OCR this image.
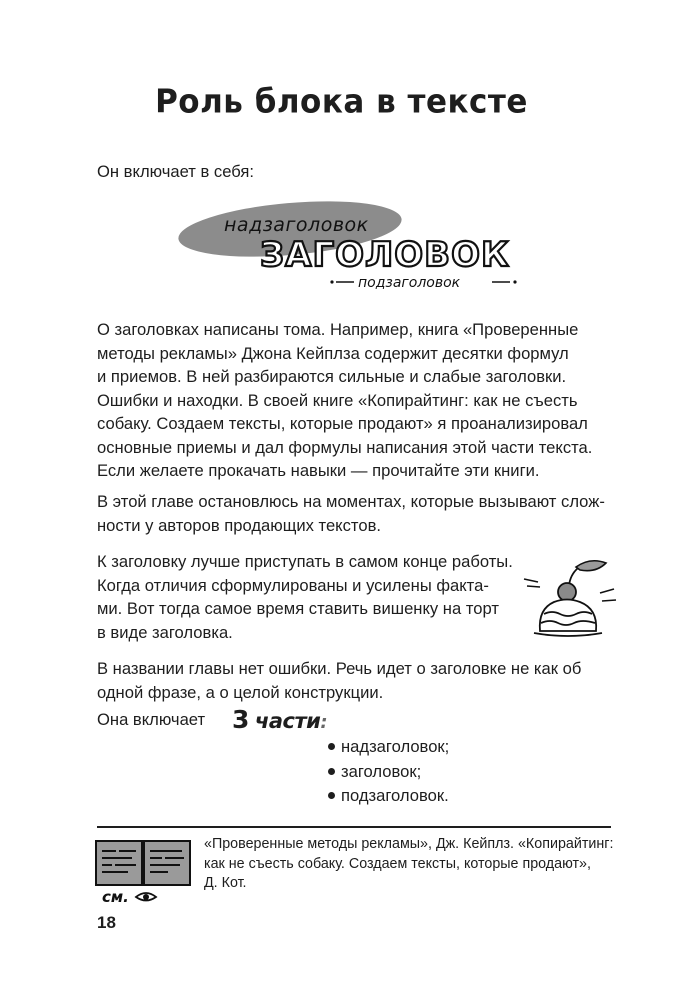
Роль блока в тексте
Он включает в себя:
надзаголовок
ЗАГОЛОВОК
подзаголовок
О заголовках написаны тома. Например, книга «Проверенные
методы рекламы» Джона Кейплза содержит десятки формул
и приемов. В ней разбираются сильные и слабые заголовки.
Ошибки и находки. В своей книге «Копирайтинг: как не съесть
собаку. Создаем тексты, которые продают» я проанализировал
основные приемы и дал формулы написания этой части текста.
Если желаете прокачать навыки — прочитайте эти книги.
В этой главе остановлюсь на моментах, которые вызывают слож-
ности у авторов продающих текстов.
К заголовку лучше приступать в самом конце работы.
Когда отличия сформулированы и усилены факта-
ми. Вот тогда самое время ставить вишенку на торт
в виде заголовка.
В названии главы нет ошибки. Речь идет о заголовке не как об
одной фразе, а о целой конструкции.
Она включает	3 части:
надзаголовок;
заголовок;
подзаголовок.
см.
«Проверенные методы рекламы», Дж. Кейплз. «Копирайтинг:
как не съесть собаку. Создаем тексты, которые продают»,
Д. Кот.
18
